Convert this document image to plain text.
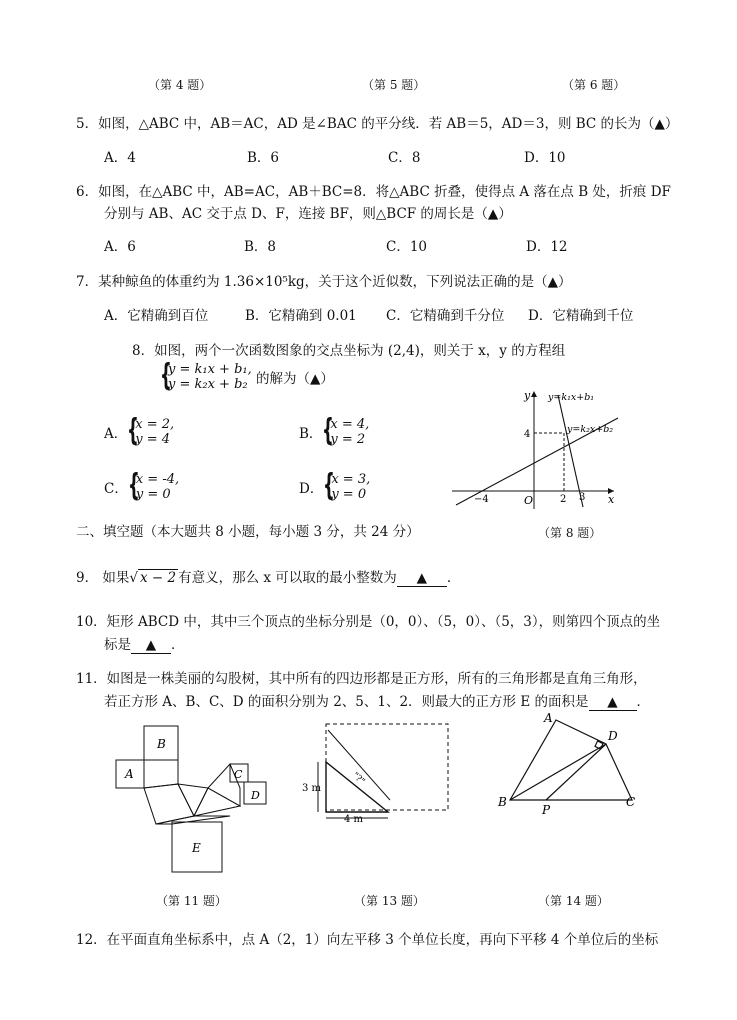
（第 4 题）	（第 5 题）	（第 6 题）
5．如图，△ABC 中，AB＝AC，AD 是∠BAC 的平分线．若 AB＝5，AD＝3，则 BC 的长为（▲）
A．4	B．6	C．8	D．10
6．如图，在△ABC 中，AB=AC，AB＋BC=8．将△ABC 折叠，使得点 A 落在点 B 处，折痕 DF
分别与 AB、AC 交于点 D、F，连接 BF，则△BCF 的周长是（▲）
A．6	B．8	C．10	D．12
7．某种鲸鱼的体重约为 1.36×10⁵kg，关于这个近似数，下列说法正确的是（▲）
A．它精确到百位	B．它精确到 0.01 C．它精确到千分位 D．它精确到千位
8．如图，两个一次函数图象的交点坐标为 (2,4)，则关于 x，y 的方程组
{
y = k₁x + b₁,
y = k₂x + b₂ 的解为（▲）
A． {
x = 2,
y = 4	B． {
x = 4,
y = 2
C． {
x = -4,
y = 0	D． {
x = 3,
y = 0
y
x
O
y=k₁x+b₁
y=k₂x+b₂
4
−4	2 3
（第 8 题）
二、填空题（本大题共 8 小题，每小题 3 分，共 24 分）
9． 如果√ x − 2 有意义，那么 x 可以取的最小整数为 ▲ ．
10．矩形 ABCD 中，其中三个顶点的坐标分别是（0，0）、（5，0）、（5，3），则第四个顶点的坐
标是 ▲ ．
11．如图是一株美丽的勾股树，其中所有的四边形都是正方形，所有的三角形都是直角三角形，
若正方形 A、B、C、D 的面积分别为 2、5、1、2．则最大的正方形 E 的面积是 ▲ ．
B
A	C
D
E
（第 11 题）
3 m
4 m
"?"
（第 13 题）
A
B	C
D
P
（第 14 题）
12．在平面直角坐标系中，点 A（2，1）向左平移 3 个单位长度，再向下平移 4 个单位后的坐标
